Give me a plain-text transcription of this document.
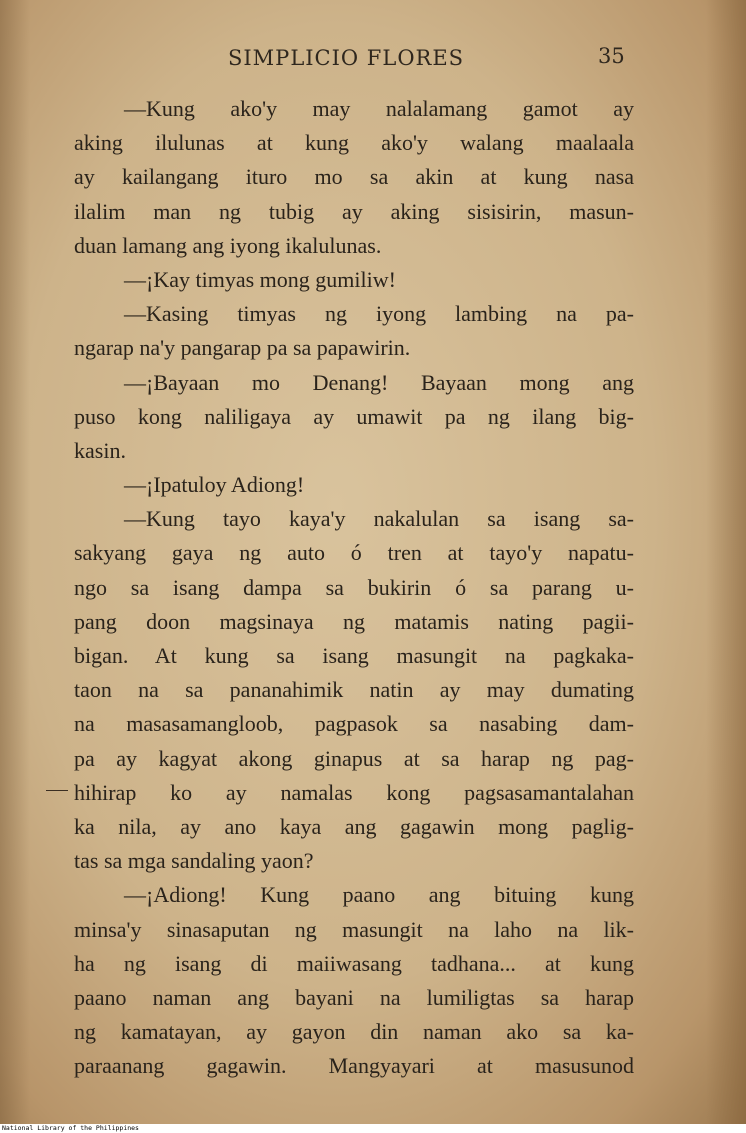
SIMPLICIO FLORES	35
—Kung ako'y may nalalamang gamot ay
aking ilulunas at kung ako'y walang maalaala
ay kailangang ituro mo sa akin at kung nasa
ilalim man ng tubig ay aking sisisirin, masun-
duan lamang ang iyong ikalulunas.
—¡Kay timyas mong gumiliw!
—Kasing timyas ng iyong lambing na pa-
ngarap na'y pangarap pa sa papawirin.
—¡Bayaan mo Denang! Bayaan mong ang
puso kong naliligaya ay umawit pa ng ilang big-
kasin.
—¡Ipatuloy Adiong!
—Kung tayo kaya'y nakalulan sa isang sa-
sakyang gaya ng auto ó tren at tayo'y napatu-
ngo sa isang dampa sa bukirin ó sa parang u-
pang doon magsinaya ng matamis nating pagii-
bigan. At kung sa isang masungit na pagkaka-
taon na sa pananahimik natin ay may dumating
na masasamangloob, pagpasok sa nasabing dam-
pa ay kagyat akong ginapus at sa harap ng pag-
hihirap ko ay namalas kong pagsasamantalahan
ka nila, ay ano kaya ang gagawin mong paglig-
tas sa mga sandaling yaon?
—¡Adiong! Kung paano ang bituing kung
minsa'y sinasaputan ng masungit na laho na lik-
ha ng isang di maiiwasang tadhana... at kung
paano naman ang bayani na lumiligtas sa harap
ng kamatayan, ay gayon din naman ako sa ka-
paraanang gagawin. Mangyayari at masusunod
National Library of the Philippines
